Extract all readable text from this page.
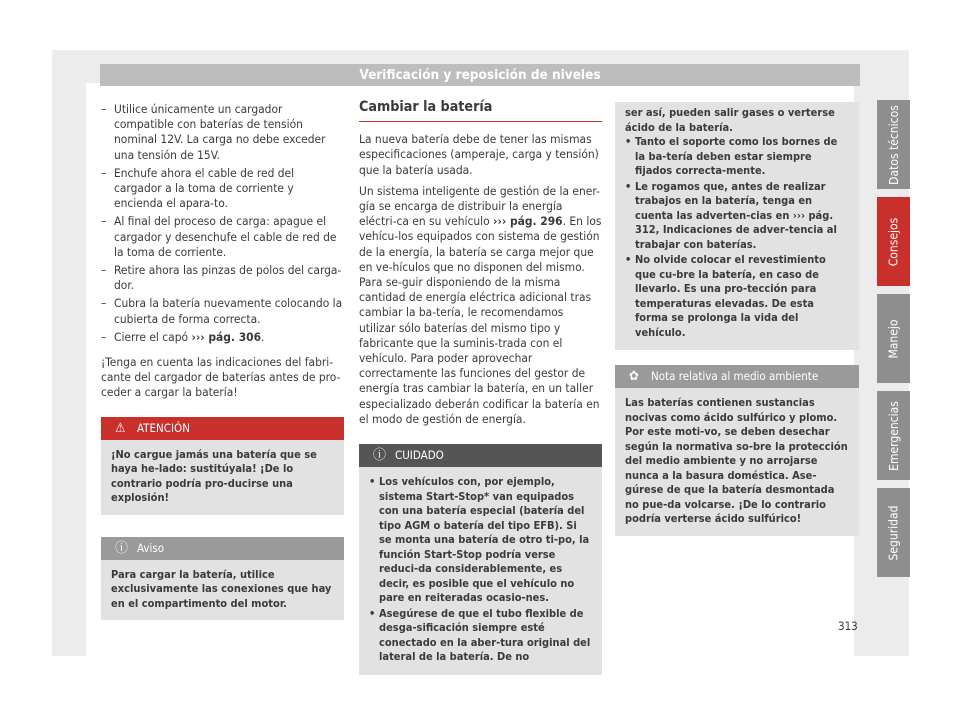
Verificación y reposición de niveles
– Utilice únicamente un cargador compatible con baterías de tensión nominal 12V. La carga no debe exceder una tensión de 15V.
– Enchufe ahora el cable de red del cargador a la toma de corriente y encienda el apara-to.
– Al final del proceso de carga: apague el cargador y desenchufe el cable de red de la toma de corriente.
– Retire ahora las pinzas de polos del carga-dor.
– Cubra la batería nuevamente colocando la cubierta de forma correcta.
– Cierre el capó ››› pág. 306.

¡Tenga en cuenta las indicaciones del fabri-cante del cargador de baterías antes de pro-ceder a cargar la batería!

⚠	ATENCIÓN
¡No cargue jamás una batería que se haya he-lado: sustitúyala! ¡De lo contrario podría pro-ducirse una explosión!
ⓘ Aviso
Para cargar la batería, utilice exclusivamente las conexiones que hay en el compartimento del motor.
Cambiar la batería

La nueva batería debe de tener las mismas especificaciones (amperaje, carga y tensión) que la batería usada.

Un sistema inteligente de gestión de la ener-gía se encarga de distribuir la energía eléctri-ca en su vehículo ››› pág. 296. En los vehícu-los equipados con sistema de gestión de la energía, la batería se carga mejor que en ve-hículos que no disponen del mismo. Para se-guir disponiendo de la misma cantidad de energía eléctrica adicional tras cambiar la ba-tería, le recomendamos utilizar sólo baterías del mismo tipo y fabricante que la suminis-trada con el vehículo. Para poder aprovechar correctamente las funciones del gestor de energía tras cambiar la batería, en un taller especializado deberán codificar la batería en el modo de gestión de energía.

ⓘ CUIDADO
• Los vehículos con, por ejemplo, sistema Start-Stop* van equipados con una batería especial (batería del tipo AGM o batería del tipo EFB). Si se monta una batería de otro ti-po, la función Start-Stop podría verse reduci-da considerablemente, es decir, es posible que el vehículo no pare en reiteradas ocasio-nes.
• Asegúrese de que el tubo flexible de desga-sificación siempre esté conectado en la aber-tura original del lateral de la batería. De no
ser así, pueden salir gases o verterse ácido de la batería.
• Tanto el soporte como los bornes de la ba-tería deben estar siempre fijados correcta-mente.
• Le rogamos que, antes de realizar trabajos en la batería, tenga en cuenta las adverten-cias en ››› pág. 312, Indicaciones de adver-tencia al trabajar con baterías.
• No olvide colocar el revestimiento que cu-bre la batería, en caso de llevarlo. Es una pro-tección para temperaturas elevadas. De esta forma se prolonga la vida del vehículo.
✿	Nota relativa al medio ambiente
Las baterías contienen sustancias nocivas como ácido sulfúrico y plomo. Por este moti-vo, se deben desechar según la normativa so-bre la protección del medio ambiente y no arrojarse nunca a la basura doméstica. Ase-gúrese de que la batería desmontada no pue-da volcarse. ¡De lo contrario podría verterse ácido sulfúrico!
Datos técnicos
Consejos
Manejo
Emergencias
Seguridad
313
